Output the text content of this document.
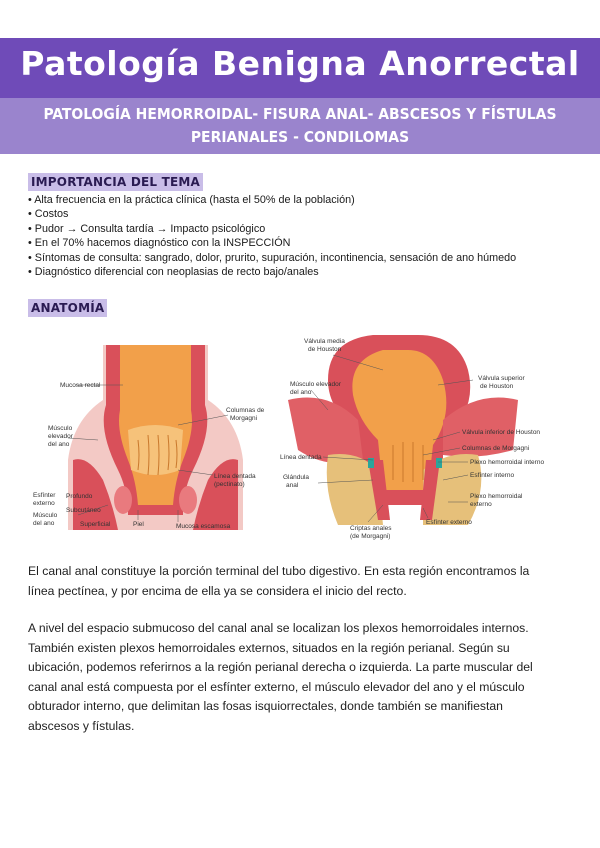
Patología Benigna Anorrectal
PATOLOGÍA HEMORROIDAL- FISURA ANAL- ABSCESOS Y FÍSTULAS PERIANALES - CONDILOMAS
IMPORTANCIA DEL TEMA
• Alta frecuencia en la práctica clínica (hasta el 50% de la población)
• Costos
• Pudor → Consulta tardía → Impacto psicológico
• En el 70% hacemos diagnóstico con la INSPECCIÓN
• Síntomas de consulta: sangrado, dolor, prurito, supuración, incontinencia, sensación de ano húmedo
• Diagnóstico diferencial con neoplasias de recto bajo/anales
ANATOMÍA
Mucosa rectal
Músculo
elevador
del ano
Columnas de
Morgagni
Línea dentada
(pectinato)
Esfínter
externo
Profundo
Subcutáneo
Superficial
Músculo
del ano	Piel	Mucosa escamosa
Válvula media
de Houston
Válvula superior
de Houston
Músculo elevador
del ano
Válvula inferior de Houston
Columnas de Morgagni
Línea dentada
Plexo hemorroidal interno
Esfínter interno
Glándula
anal
Plexo hemorroidal
externo
Criptas anales
(de Morgagni)
Esfínter externo

El canal anal constituye la porción terminal del tubo digestivo. En esta región encontramos la línea pectínea, y por encima de ella ya se considera el inicio del recto.

A nivel del espacio submucoso del canal anal se localizan los plexos hemorroidales internos. También existen plexos hemorroidales externos, situados en la región perianal. Según su ubicación, podemos referirnos a la región perianal derecha o izquierda. La parte muscular del canal anal está compuesta por el esfínter externo, el músculo elevador del ano y el músculo obturador interno, que delimitan las fosas isquiorrectales, donde también se manifiestan abscesos y fístulas.
